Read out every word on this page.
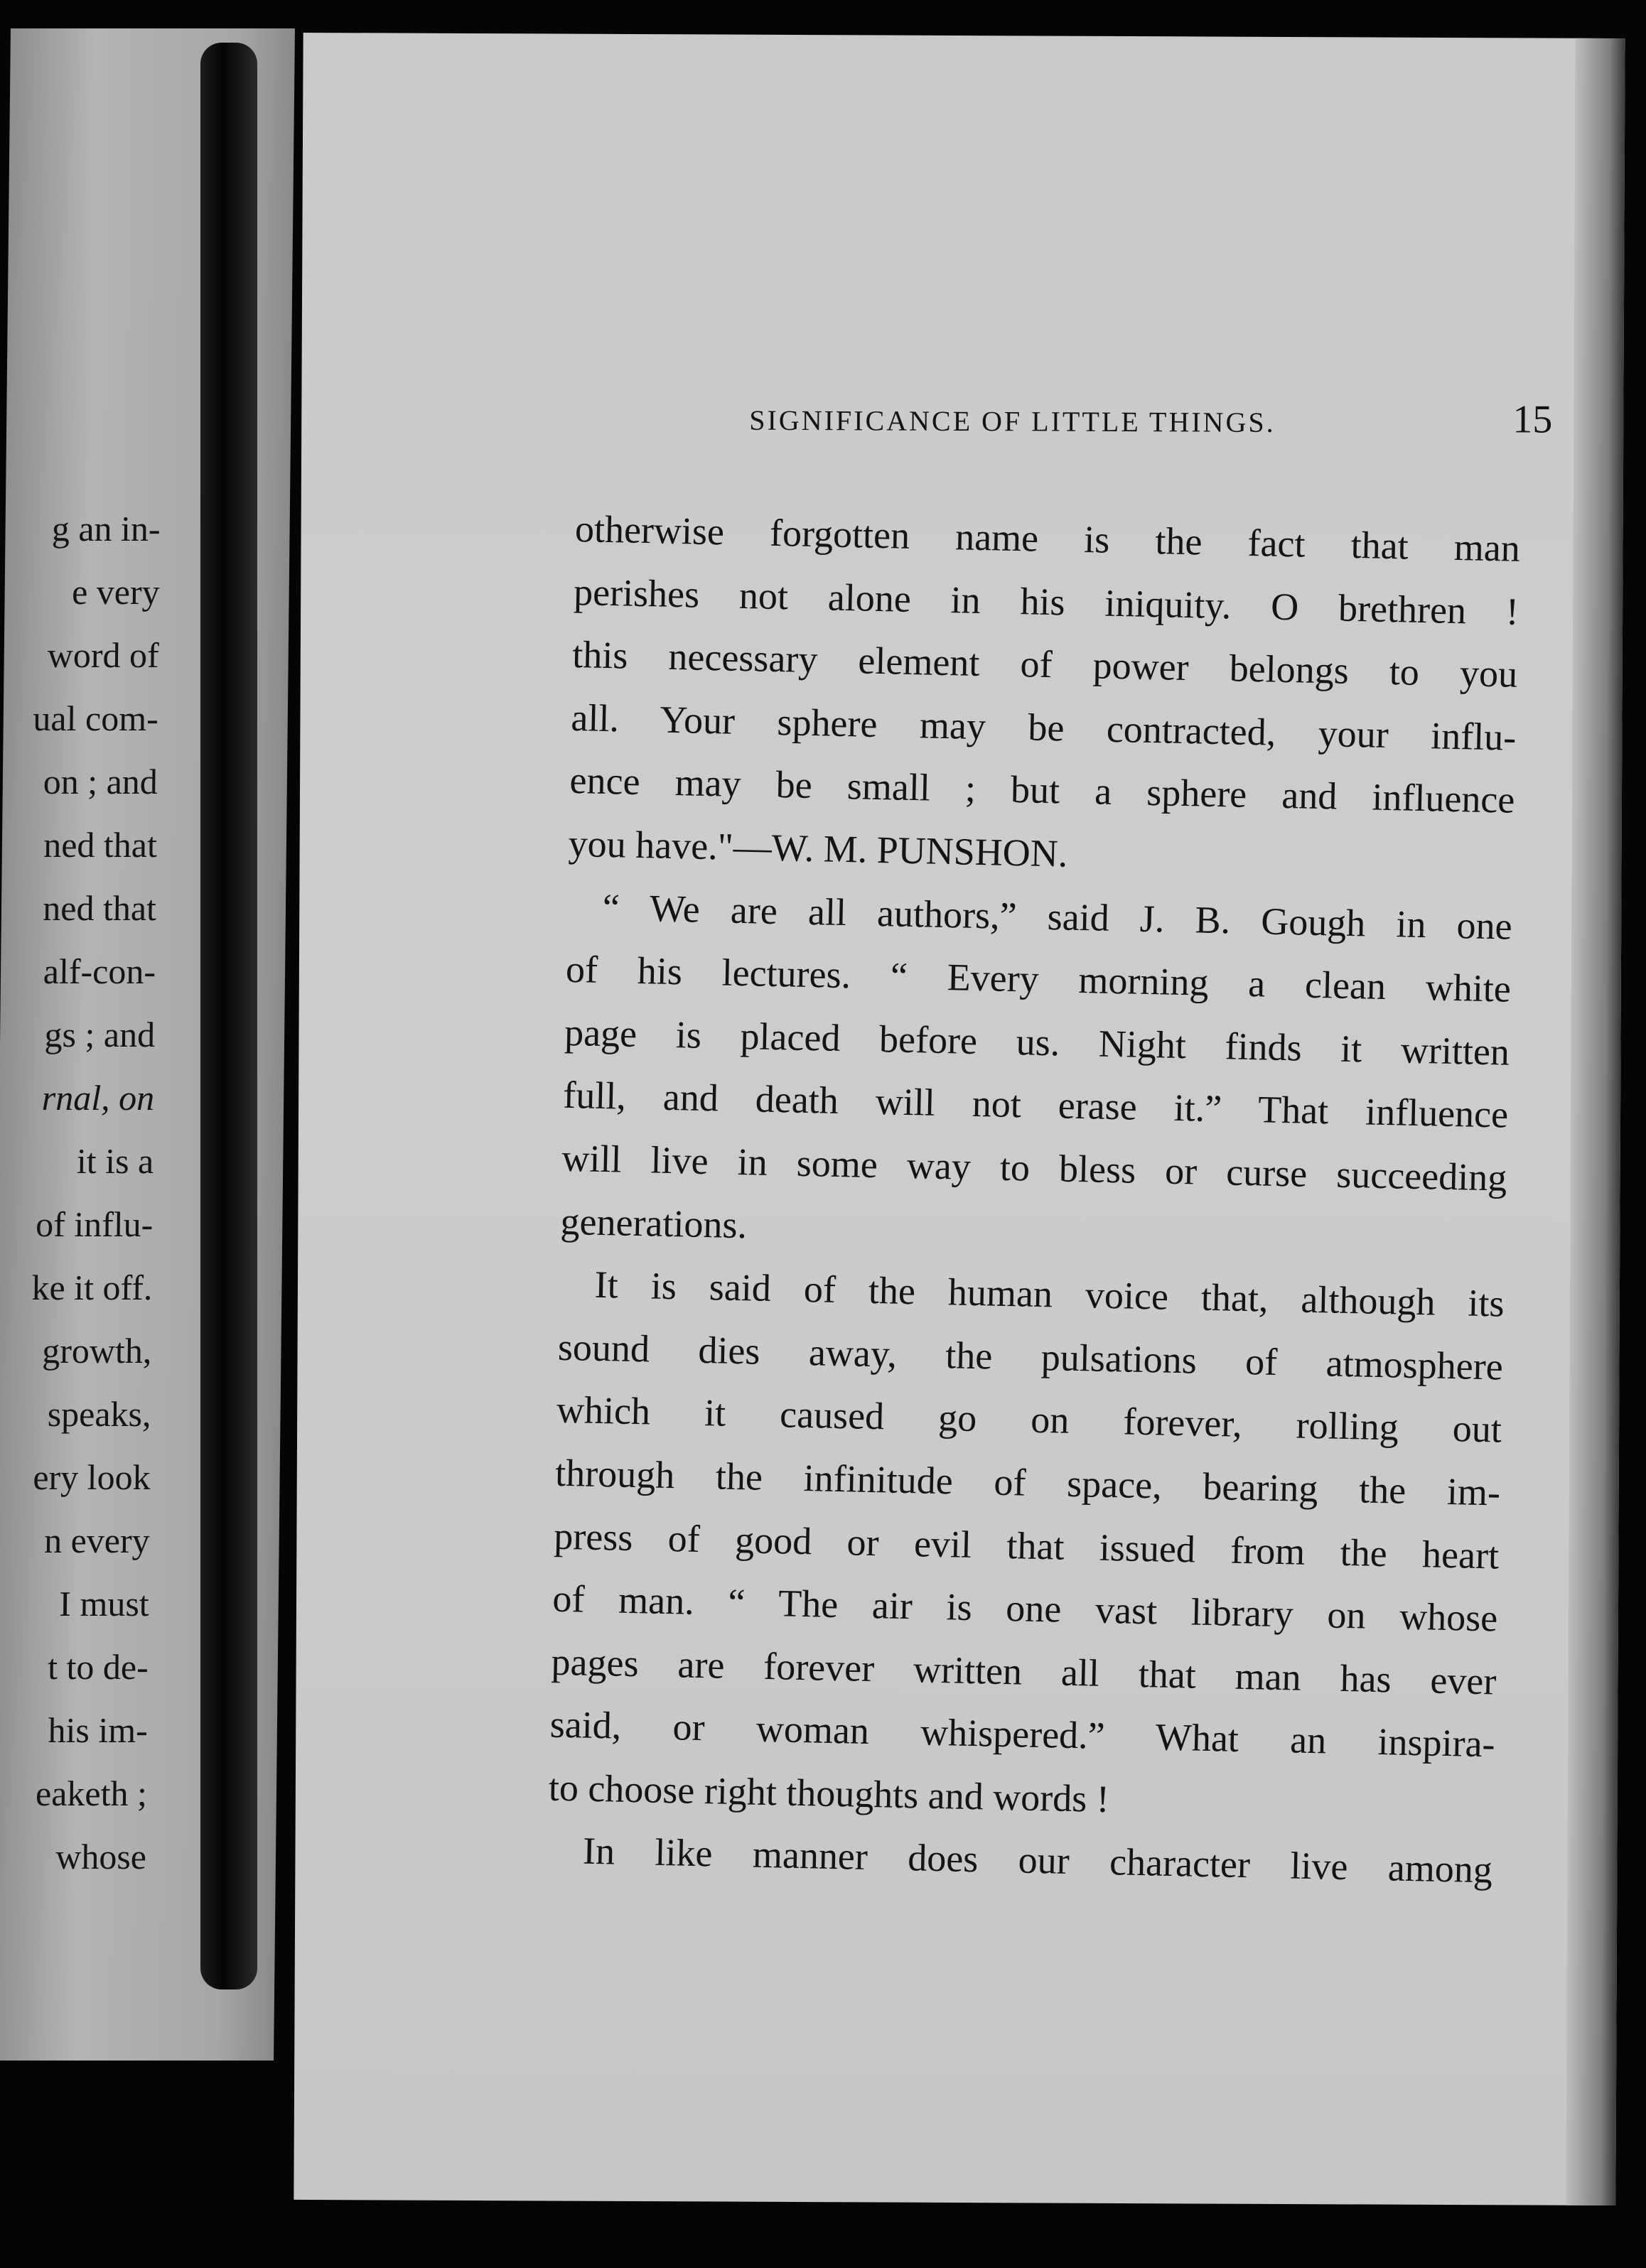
g an in-
e very
word of
ual com-
on ; and
ned that
ned that
alf-con-
gs ; and
rnal, on
it is a
of influ-
ke it off.
growth,
speaks,
ery look
n every
I must
t to de-
his im-
eaketh ;
whose
SIGNIFICANCE OF LITTLE THINGS.	15
otherwise forgotten name is the fact that man
perishes not alone in his iniquity. O brethren !
this necessary element of power belongs to you
all. Your sphere may be contracted, your influ-
ence may be small ; but a sphere and influence
you have."—W. M. PUNSHON.
“ We are all authors,” said J. B. Gough in one
of his lectures. “ Every morning a clean white
page is placed before us. Night finds it written
full, and death will not erase it.” That influence
will live in some way to bless or curse succeeding
generations.
It is said of the human voice that, although its
sound dies away, the pulsations of atmosphere
which it caused go on forever, rolling out
through the infinitude of space, bearing the im-
press of good or evil that issued from the heart
of man. “ The air is one vast library on whose
pages are forever written all that man has ever
said, or woman whispered.” What an inspira-
to choose right thoughts and words !
In like manner does our character live among
